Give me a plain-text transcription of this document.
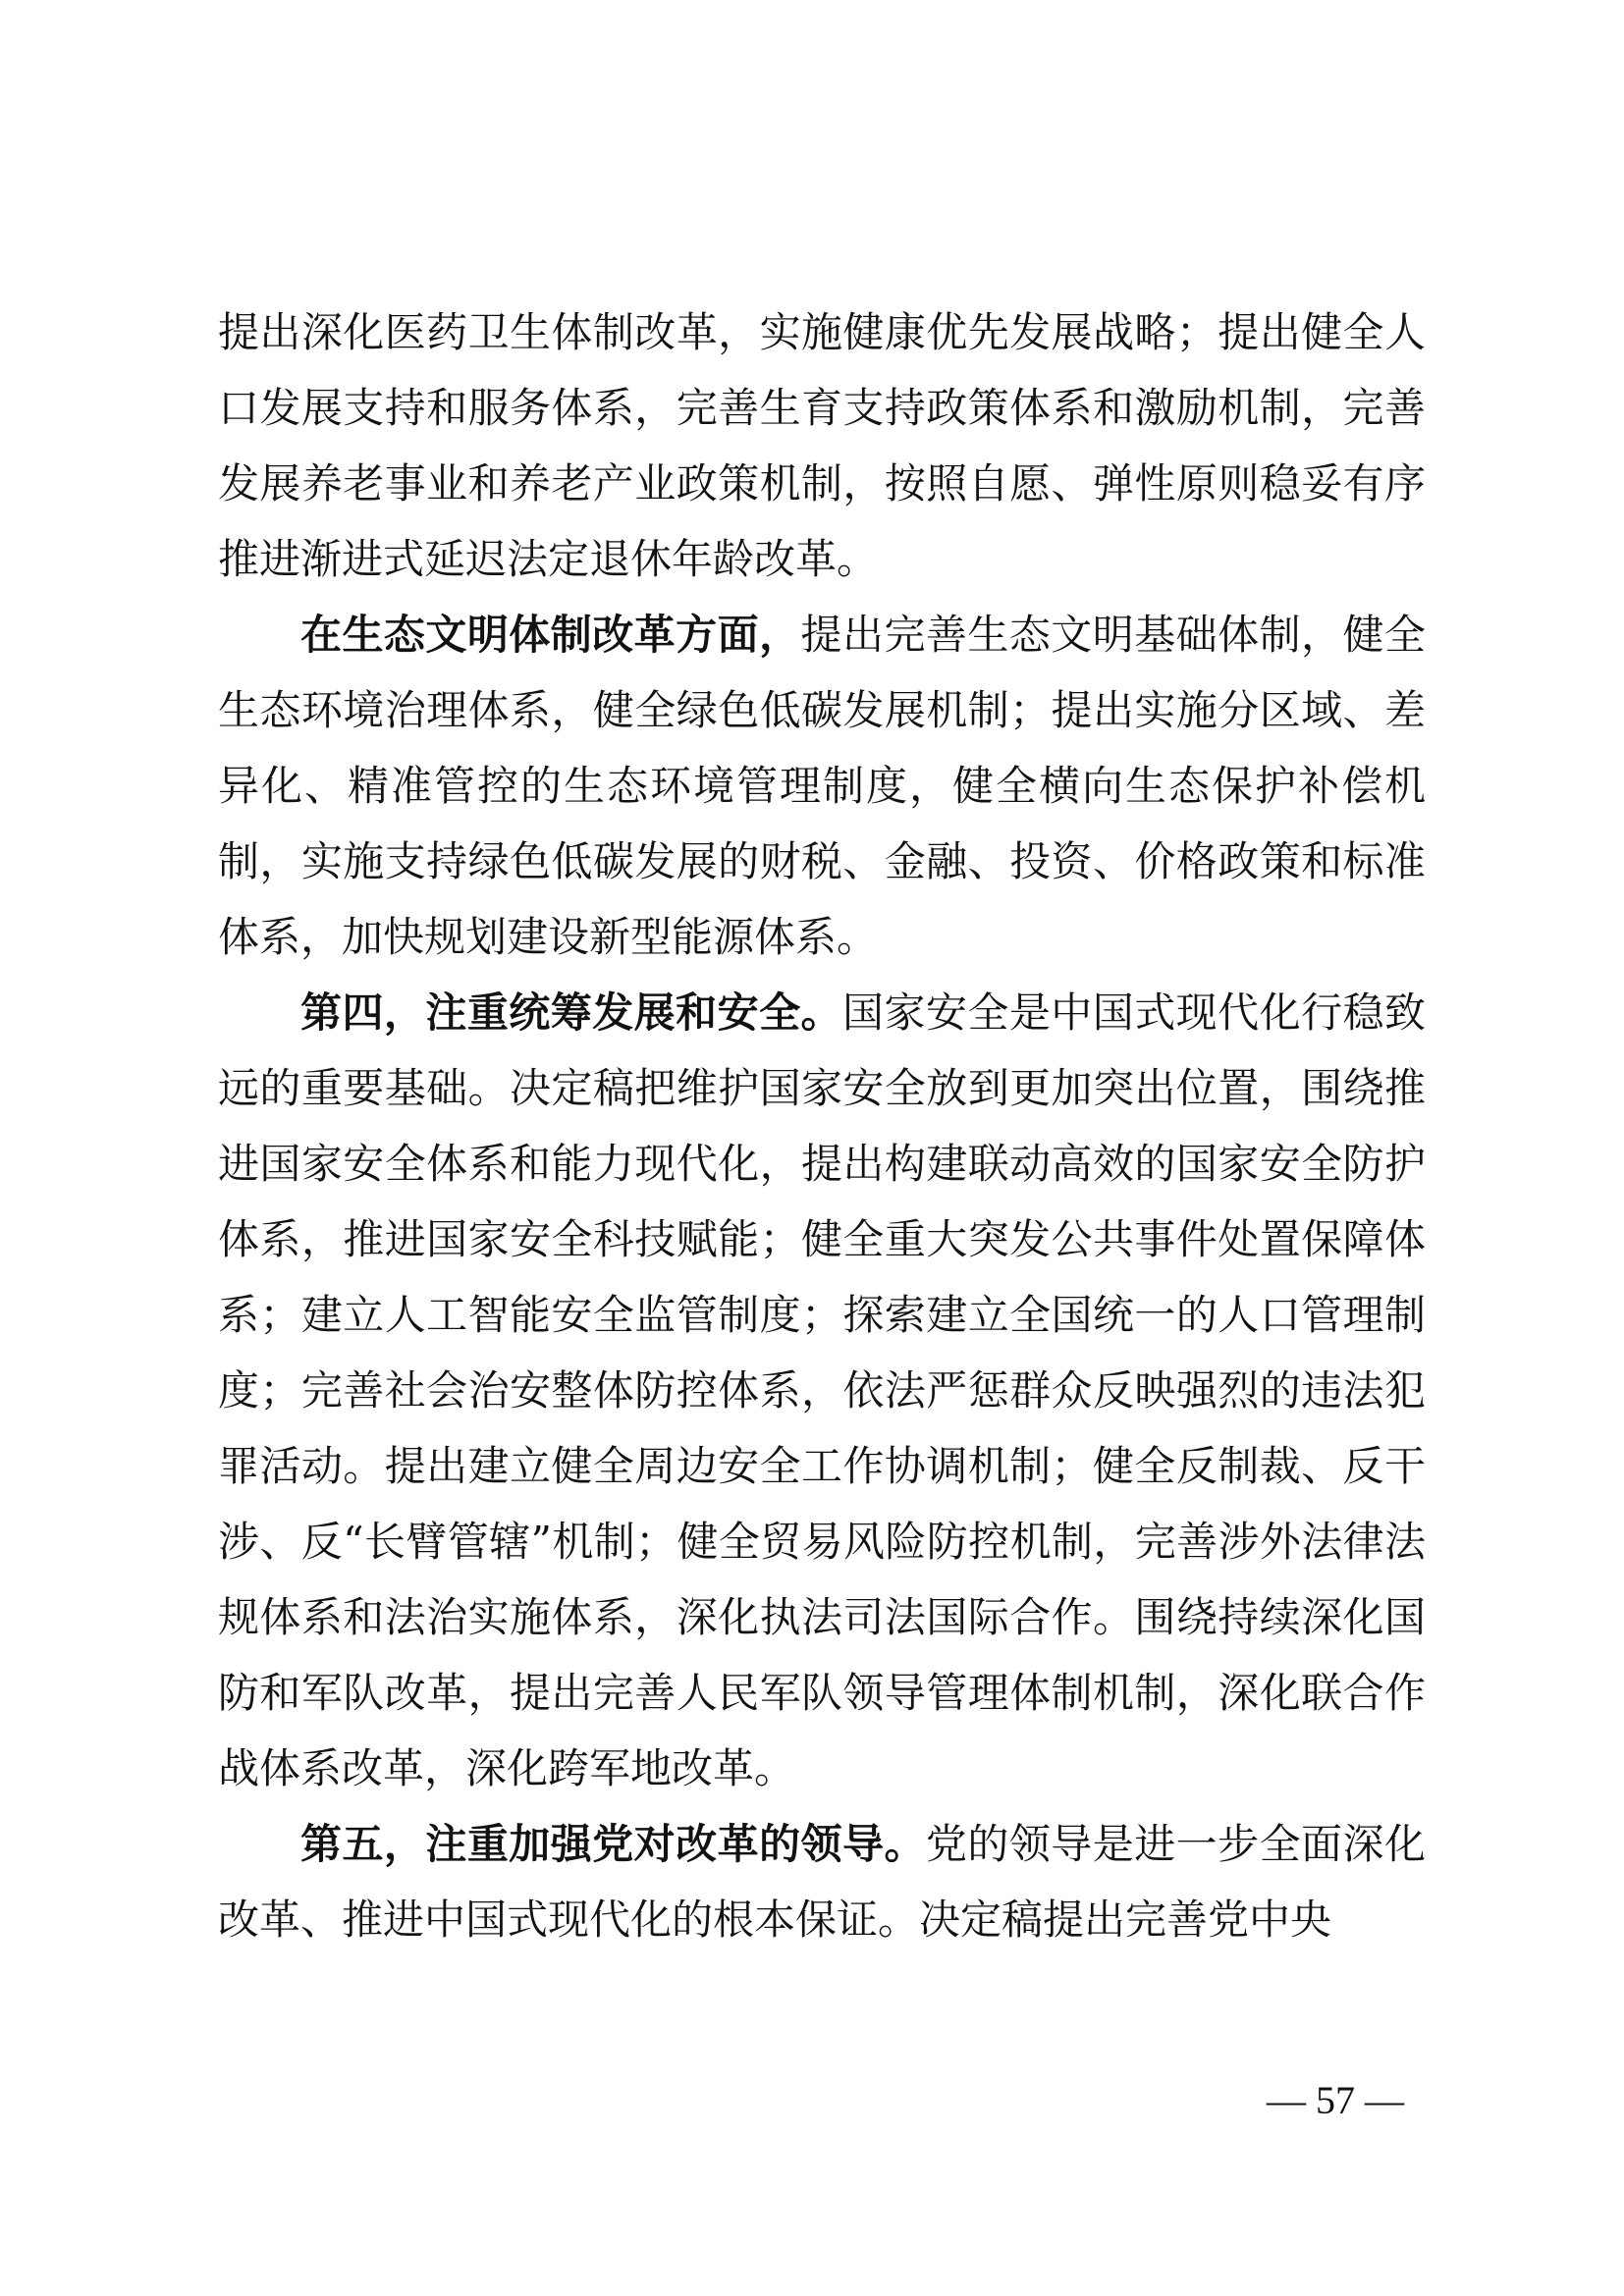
提出深化医药卫生体制改革，实施健康优先发展战略；提出健全人口发展支持和服务体系，完善生育支持政策体系和激励机制，完善发展养老事业和养老产业政策机制，按照自愿、弹性原则稳妥有序推进渐进式延迟法定退休年龄改革。

在生态文明体制改革方面，提出完善生态文明基础体制，健全生态环境治理体系，健全绿色低碳发展机制；提出实施分区域、差异化、精准管控的生态环境管理制度，健全横向生态保护补偿机制，实施支持绿色低碳发展的财税、金融、投资、价格政策和标准体系，加快规划建设新型能源体系。

第四，注重统筹发展和安全。国家安全是中国式现代化行稳致远的重要基础。决定稿把维护国家安全放到更加突出位置，围绕推进国家安全体系和能力现代化，提出构建联动高效的国家安全防护体系，推进国家安全科技赋能；健全重大突发公共事件处置保障体系；建立人工智能安全监管制度；探索建立全国统一的人口管理制度；完善社会治安整体防控体系，依法严惩群众反映强烈的违法犯罪活动。提出建立健全周边安全工作协调机制；健全反制裁、反干涉、反“长臂管辖”机制；健全贸易风险防控机制，完善涉外法律法规体系和法治实施体系，深化执法司法国际合作。围绕持续深化国防和军队改革，提出完善人民军队领导管理体制机制，深化联合作战体系改革，深化跨军地改革。

第五，注重加强党对改革的领导。党的领导是进一步全面深化改革、推进中国式现代化的根本保证。决定稿提出完善党中央

— 57 —
